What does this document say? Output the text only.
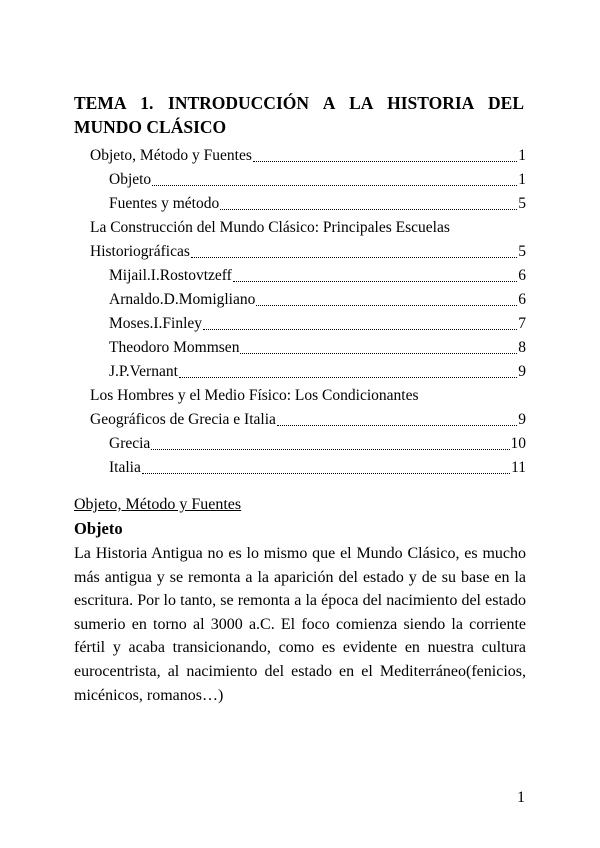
TEMA 1. INTRODUCCIÓN A LA HISTORIA DEL
MUNDO CLÁSICO
Objeto, Método y Fuentes	1
Objeto	1
Fuentes y método	5
La Construcción del Mundo Clásico: Principales Escuelas
Historiográficas	5
Mijail.I.Rostovtzeff	6
Arnaldo.D.Momigliano	6
Moses.I.Finley	7
Theodoro Mommsen	8
J.P.Vernant	9
Los Hombres y el Medio Físico: Los Condicionantes
Geográficos de Grecia e Italia	9
Grecia	10
Italia	11
Objeto, Método y Fuentes
Objeto
La Historia Antigua no es lo mismo que el Mundo Clásico, es mucho más antigua y se remonta a la aparición del estado y de su base en la escritura. Por lo tanto, se remonta a la época del nacimiento del estado sumerio en torno al 3000 a.C. El foco comienza siendo la corriente fértil y acaba transicionando, como es evidente en nuestra cultura eurocentrista, al nacimiento del estado en el Mediterráneo(fenicios, micénicos, romanos…)
1
